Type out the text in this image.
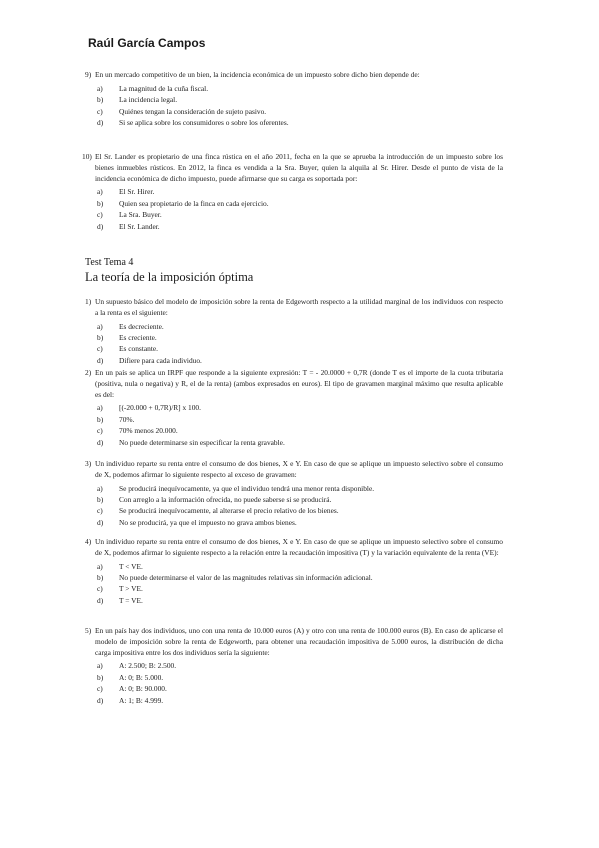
Raúl García Campos
9) En un mercado competitivo de un bien, la incidencia económica de un impuesto sobre dicho bien depende de:
a) La magnitud de la cuña fiscal.
b) La incidencia legal.
c) Quiénes tengan la consideración de sujeto pasivo.
d) Si se aplica sobre los consumidores o sobre los oferentes.
10) El Sr. Lander es propietario de una finca rústica en el año 2011, fecha en la que se aprueba la introducción de un impuesto sobre los bienes inmuebles rústicos. En 2012, la finca es vendida a la Sra. Buyer, quien la alquila al Sr. Hirer. Desde el punto de vista de la incidencia económica de dicho impuesto, puede afirmarse que su carga es soportada por:
a) El Sr. Hirer.
b) Quien sea propietario de la finca en cada ejercicio.
c) La Sra. Buyer.
d) El Sr. Lander.
Test Tema 4
La teoría de la imposición óptima
1) Un supuesto básico del modelo de imposición sobre la renta de Edgeworth respecto a la utilidad marginal de los individuos con respecto a la renta es el siguiente:
a) Es decreciente.
b) Es creciente.
c) Es constante.
d) Difiere para cada individuo.
2) En un país se aplica un IRPF que responde a la siguiente expresión: T = - 20.0000 + 0,7R (donde T es el importe de la cuota tributaria (positiva, nula o negativa) y R, el de la renta) (ambos expresados en euros). El tipo de gravamen marginal máximo que resulta aplicable es del:
a) [(-20.000 + 0,7R)/R] x 100.
b) 70%.
c) 70% menos 20.000.
d) No puede determinarse sin especificar la renta gravable.
3) Un individuo reparte su renta entre el consumo de dos bienes, X e Y. En caso de que se aplique un impuesto selectivo sobre el consumo de X, podemos afirmar lo siguiente respecto al exceso de gravamen:
a) Se producirá inequívocamente, ya que el individuo tendrá una menor renta disponible.
b) Con arreglo a la información ofrecida, no puede saberse si se producirá.
c) Se producirá inequívocamente, al alterarse el precio relativo de los bienes.
d) No se producirá, ya que el impuesto no grava ambos bienes.
4) Un individuo reparte su renta entre el consumo de dos bienes, X e Y. En caso de que se aplique un impuesto selectivo sobre el consumo de X, podemos afirmar lo siguiente respecto a la relación entre la recaudación impositiva (T) y la variación equivalente de la renta (VE):
a) T < VE.
b) No puede determinarse el valor de las magnitudes relativas sin información adicional.
c) T > VE.
d) T = VE.
5) En un país hay dos individuos, uno con una renta de 10.000 euros (A) y otro con una renta de 100.000 euros (B). En caso de aplicarse el modelo de imposición sobre la renta de Edgeworth, para obtener una recaudación impositiva de 5.000 euros, la distribución de dicha carga impositiva entre los dos individuos sería la siguiente:
a) A: 2.500; B: 2.500.
b) A: 0; B: 5.000.
c) A: 0; B: 90.000.
d) A: 1; B: 4.999.
